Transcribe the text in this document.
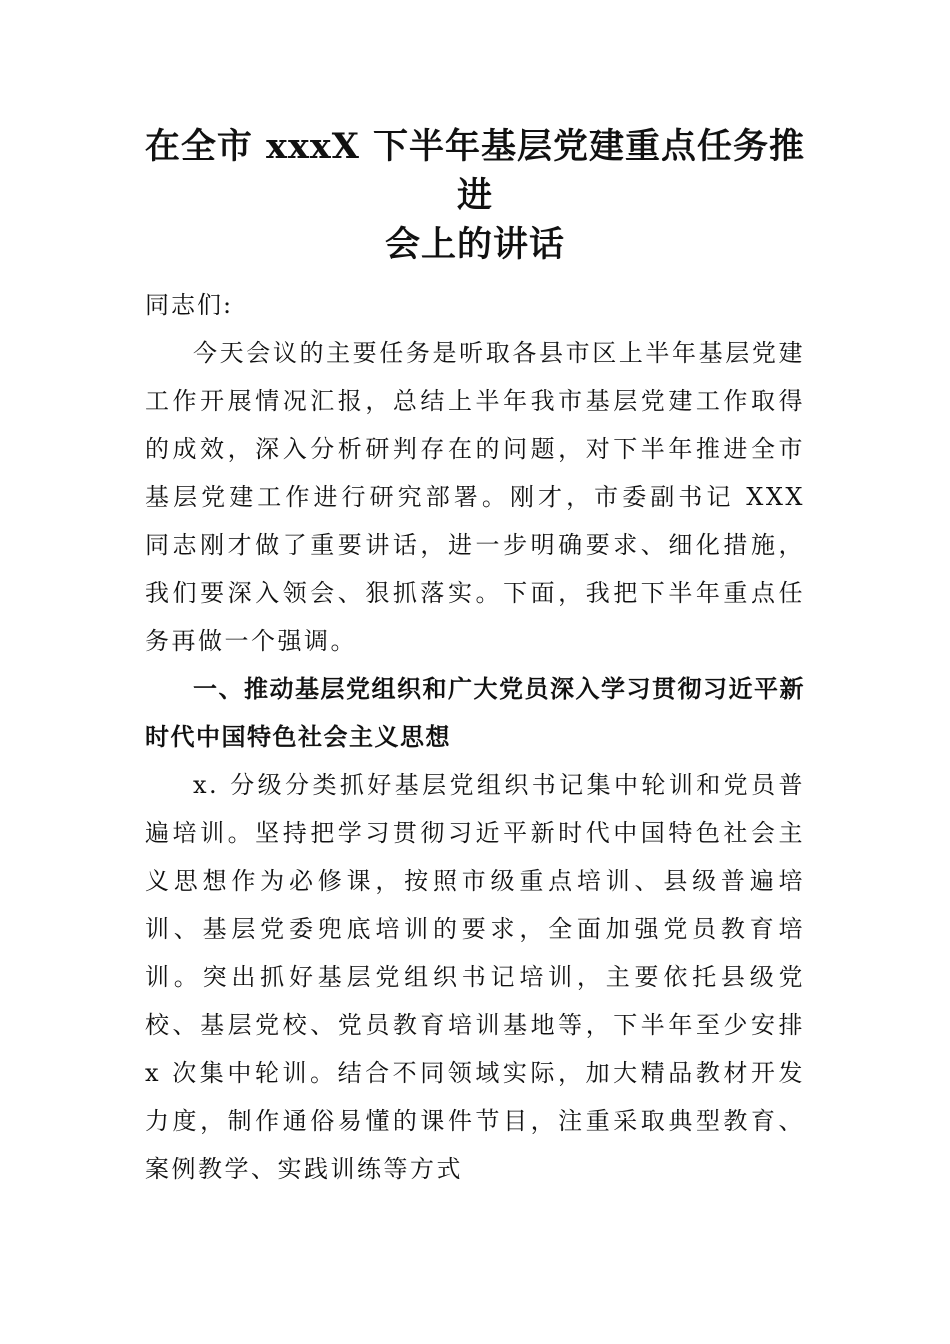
在全市 xxxX 下半年基层党建重点任务推进
会上的讲话

同志们:

今天会议的主要任务是听取各县市区上半年基层党建工作开展情况汇报，总结上半年我市基层党建工作取得的成效，深入分析研判存在的问题，对下半年推进全市基层党建工作进行研究部署。刚才，市委副书记 XXX 同志刚才做了重要讲话，进一步明确要求、细化措施，我们要深入领会、狠抓落实。下面，我把下半年重点任务再做一个强调。

一、推动基层党组织和广大党员深入学习贯彻习近平新时代中国特色社会主义思想

x. 分级分类抓好基层党组织书记集中轮训和党员普遍培训。坚持把学习贯彻习近平新时代中国特色社会主义思想作为必修课，按照市级重点培训、县级普遍培训、基层党委兜底培训的要求，全面加强党员教育培训。突出抓好基层党组织书记培训，主要依托县级党校、基层党校、党员教育培训基地等，下半年至少安排 x 次集中轮训。结合不同领域实际，加大精品教材开发力度，制作通俗易懂的课件节目，注重采取典型教育、案例教学、实践训练等方式
